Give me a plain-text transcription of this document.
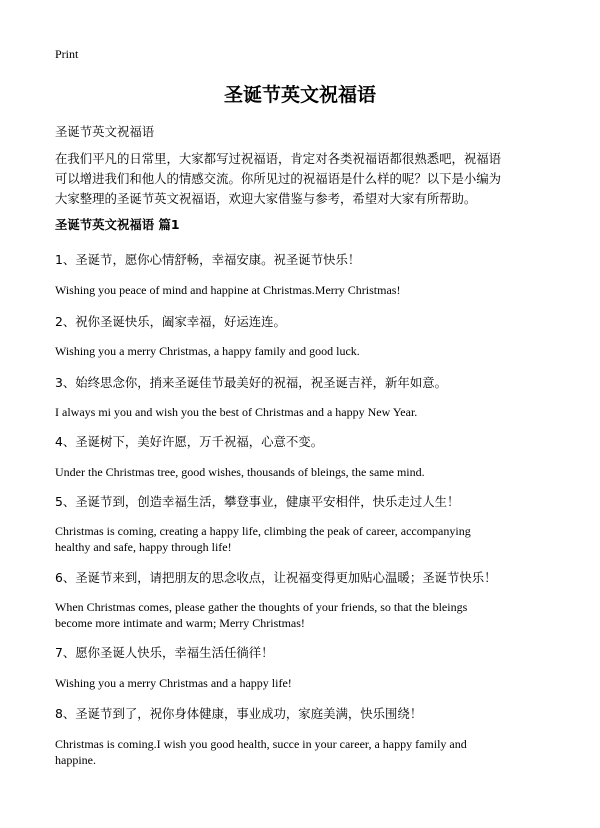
Print
圣诞节英文祝福语
圣诞节英文祝福语
在我们平凡的日常里，大家都写过祝福语，肯定对各类祝福语都很熟悉吧，祝福语
可以增进我们和他人的情感交流。你所见过的祝福语是什么样的呢？以下是小编为
大家整理的圣诞节英文祝福语，欢迎大家借鉴与参考，希望对大家有所帮助。
圣诞节英文祝福语 篇1
1、圣诞节，愿你心情舒畅，幸福安康。祝圣诞节快乐！
Wishing you peace of mind and happine at Christmas.Merry Christmas!
2、祝你圣诞快乐，阖家幸福，好运连连。
Wishing you a merry Christmas, a happy family and good luck.
3、始终思念你，捎来圣诞佳节最美好的祝福，祝圣诞吉祥，新年如意。
I always mi you and wish you the best of Christmas and a happy New Year.
4、圣诞树下，美好许愿，万千祝福，心意不变。
Under the Christmas tree, good wishes, thousands of bleings, the same mind.
5、圣诞节到，创造幸福生活，攀登事业，健康平安相伴，快乐走过人生！
Christmas is coming, creating a happy life, climbing the peak of career, accompanying
healthy and safe, happy through life!
6、圣诞节来到，请把朋友的思念收点，让祝福变得更加贴心温暖；圣诞节快乐！
When Christmas comes, please gather the thoughts of your friends, so that the bleings
become more intimate and warm; Merry Christmas!
7、愿你圣诞人快乐，幸福生活任徜徉！
Wishing you a merry Christmas and a happy life!
8、圣诞节到了，祝你身体健康，事业成功，家庭美满，快乐围绕！
Christmas is coming.I wish you good health, succe in your career, a happy family and
happine.
